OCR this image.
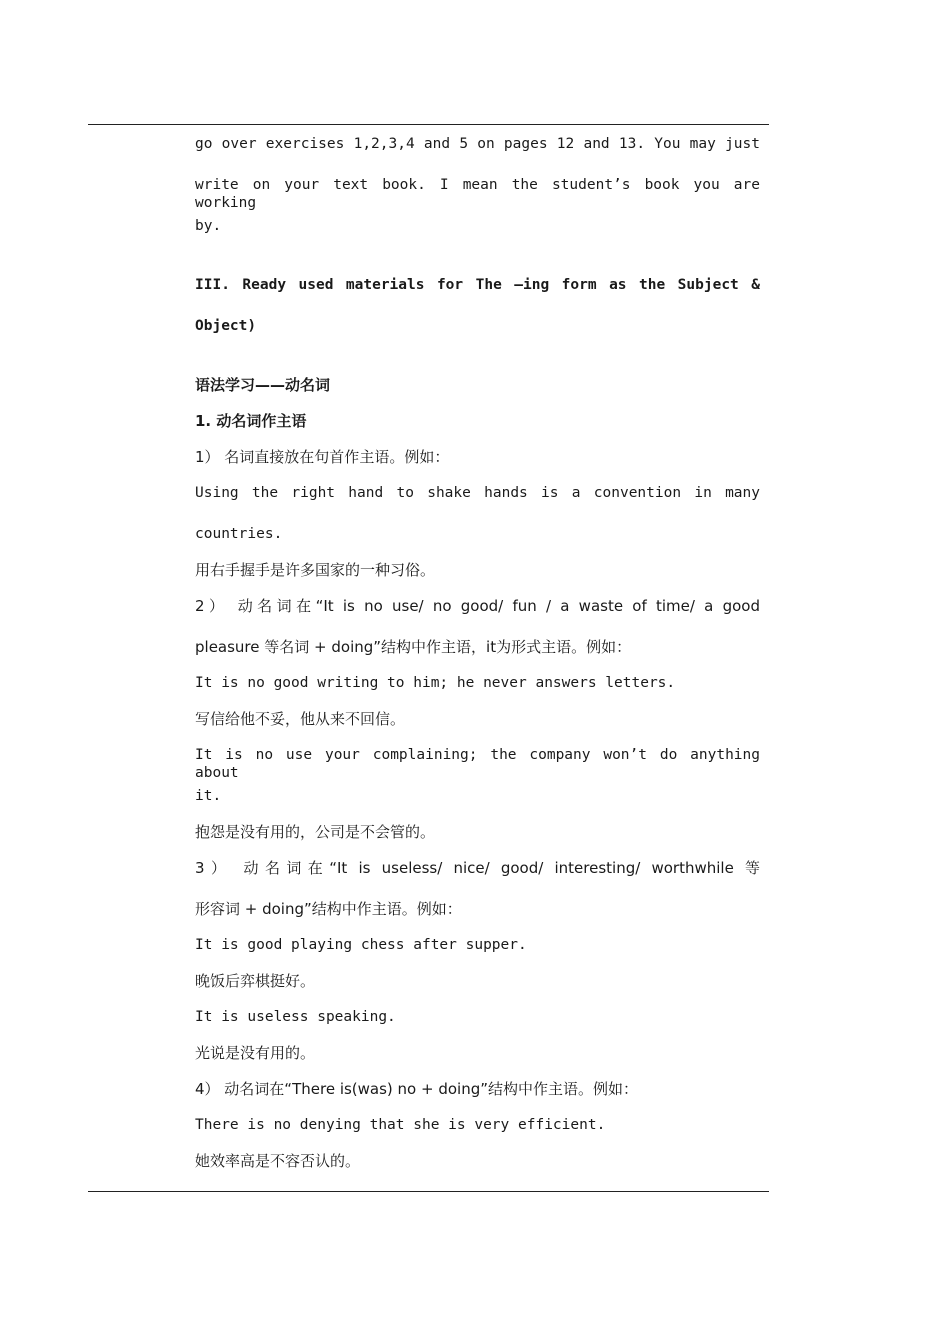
go over exercises 1,2,3,4 and 5 on pages 12 and 13. You may just
write on your text book. I mean the student’s book you are working
by.
III. Ready used materials for The –ing form as the Subject &
Object)
语法学习——动名词
1. 动名词作主语
1） 名词直接放在句首作主语。例如：
Using the right hand to shake hands is a convention in many
countries.
用右手握手是许多国家的一种习俗。
2） 动名词在“It is no use/ no good/ fun / a waste of time/ a good
pleasure 等名词 + doing”结构中作主语，it为形式主语。例如：
It is no good writing to him; he never answers letters.
写信给他不妥，他从来不回信。
It is no use your complaining; the company won’t do anything about
it.
抱怨是没有用的，公司是不会管的。
3） 动名词在“It is useless/ nice/ good/ interesting/ worthwhile 等
形容词 + doing”结构中作主语。例如：
It is good playing chess after supper.
晚饭后弈棋挺好。
It is useless speaking.
光说是没有用的。
4） 动名词在“There is(was) no + doing”结构中作主语。例如：
There is no denying that she is very efficient.
她效率高是不容否认的。
